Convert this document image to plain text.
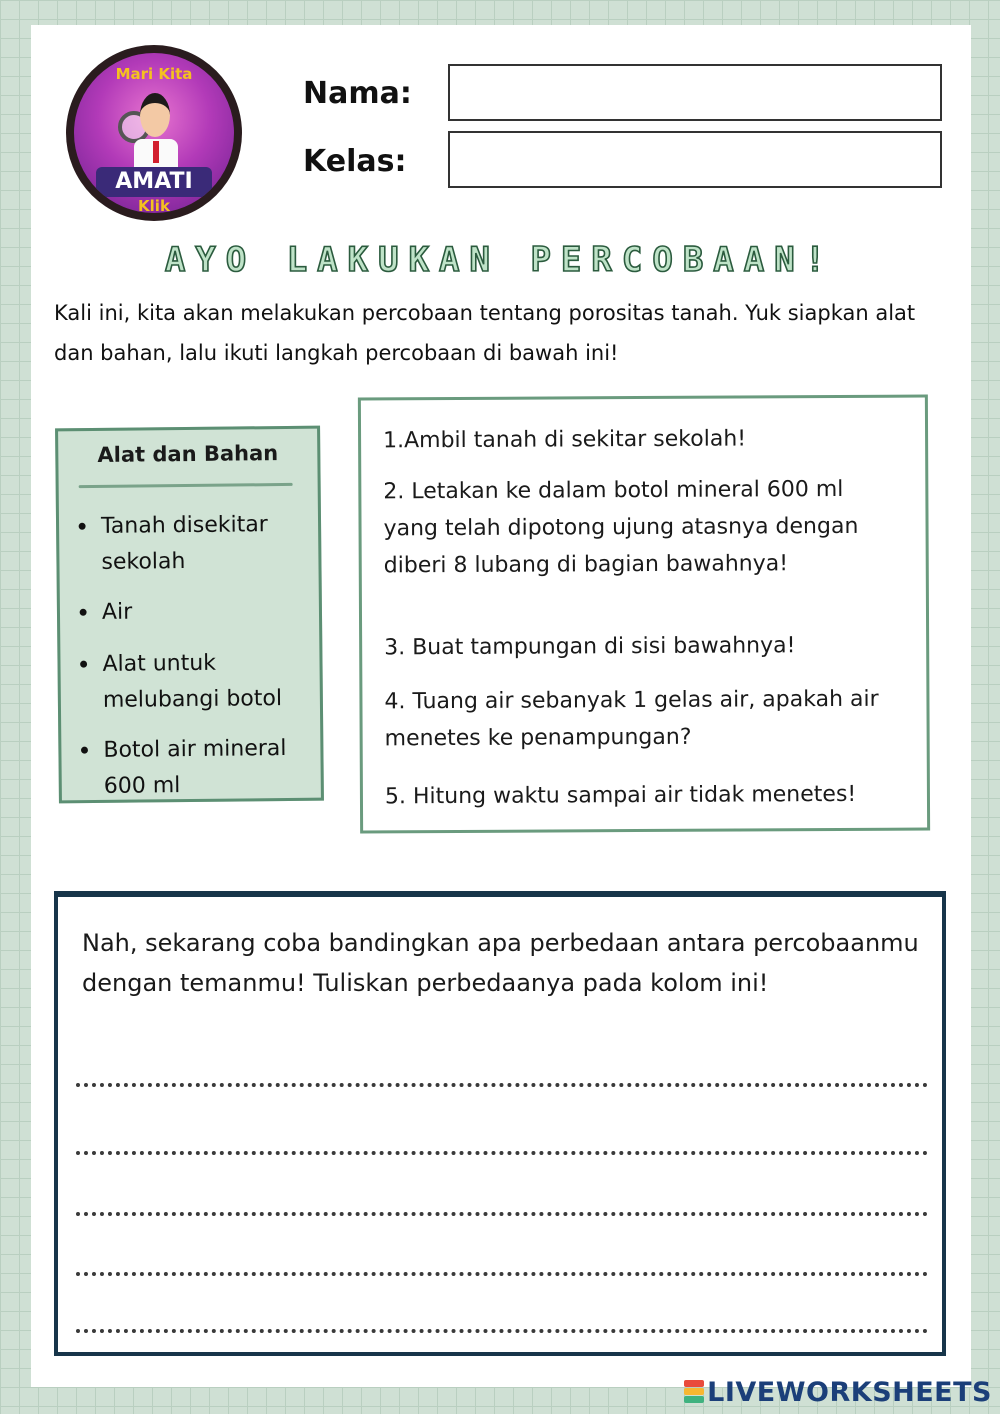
Mari Kita
AMATI
Klik
Nama:
Kelas:
AYO LAKUKAN PERCOBAAN!
Kali ini, kita akan melakukan percobaan tentang porositas tanah. Yuk siapkan alat dan bahan, lalu ikuti langkah percobaan di bawah ini!
Alat dan Bahan
• Tanah disekitar sekolah
• Air
• Alat untuk melubangi botol
• Botol air mineral 600 ml
1.Ambil tanah di sekitar sekolah!
2. Letakan ke dalam botol mineral 600 ml yang telah dipotong ujung atasnya dengan diberi 8 lubang di bagian bawahnya!
3. Buat tampungan di sisi bawahnya!
4. Tuang air sebanyak 1 gelas air, apakah air menetes ke penampungan?
5. Hitung waktu sampai air tidak menetes!
Nah, sekarang coba bandingkan apa perbedaan antara percobaanmu dengan temanmu! Tuliskan perbedaanya pada kolom ini!
LIVEWORKSHEETS
